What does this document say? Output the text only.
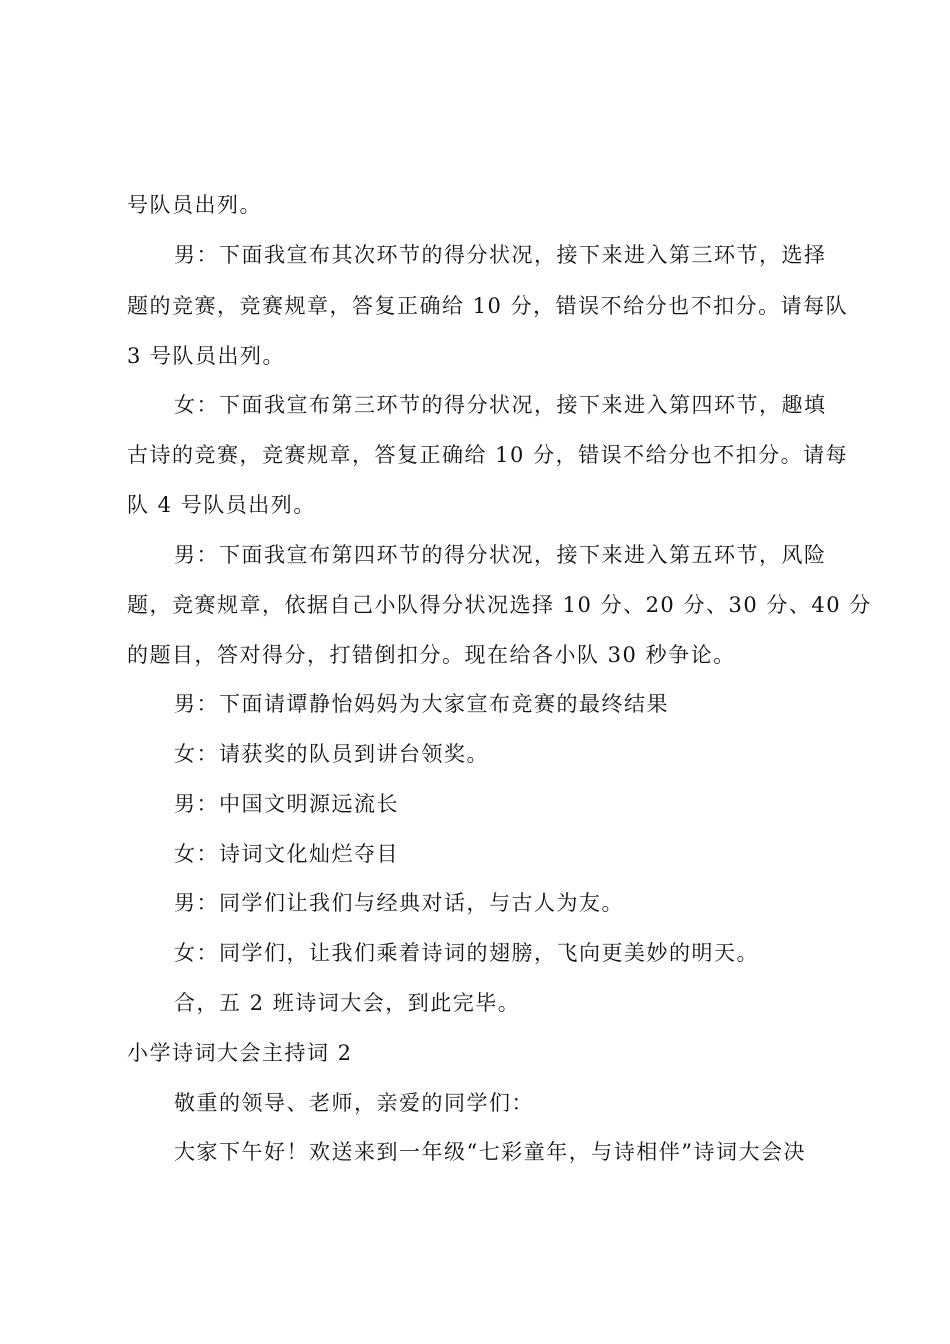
号队员出列。
男：下面我宣布其次环节的得分状况，接下来进入第三环节，选择
题的竞赛，竞赛规章，答复正确给 10 分，错误不给分也不扣分。请每队
3 号队员出列。
女：下面我宣布第三环节的得分状况，接下来进入第四环节，趣填
古诗的竞赛，竞赛规章，答复正确给 10 分，错误不给分也不扣分。请每
队 4 号队员出列。
男：下面我宣布第四环节的得分状况，接下来进入第五环节，风险
题，竞赛规章，依据自己小队得分状况选择 10 分、20 分、30 分、40 分
的题目，答对得分，打错倒扣分。现在给各小队 30 秒争论。
男：下面请谭静怡妈妈为大家宣布竞赛的最终结果
女：请获奖的队员到讲台领奖。
男：中国文明源远流长
女：诗词文化灿烂夺目
男：同学们让我们与经典对话，与古人为友。
女：同学们，让我们乘着诗词的翅膀，飞向更美妙的明天。
合，五 2 班诗词大会，到此完毕。
小学诗词大会主持词 2
敬重的领导、老师，亲爱的同学们：
大家下午好！欢送来到一年级“七彩童年，与诗相伴”诗词大会决
